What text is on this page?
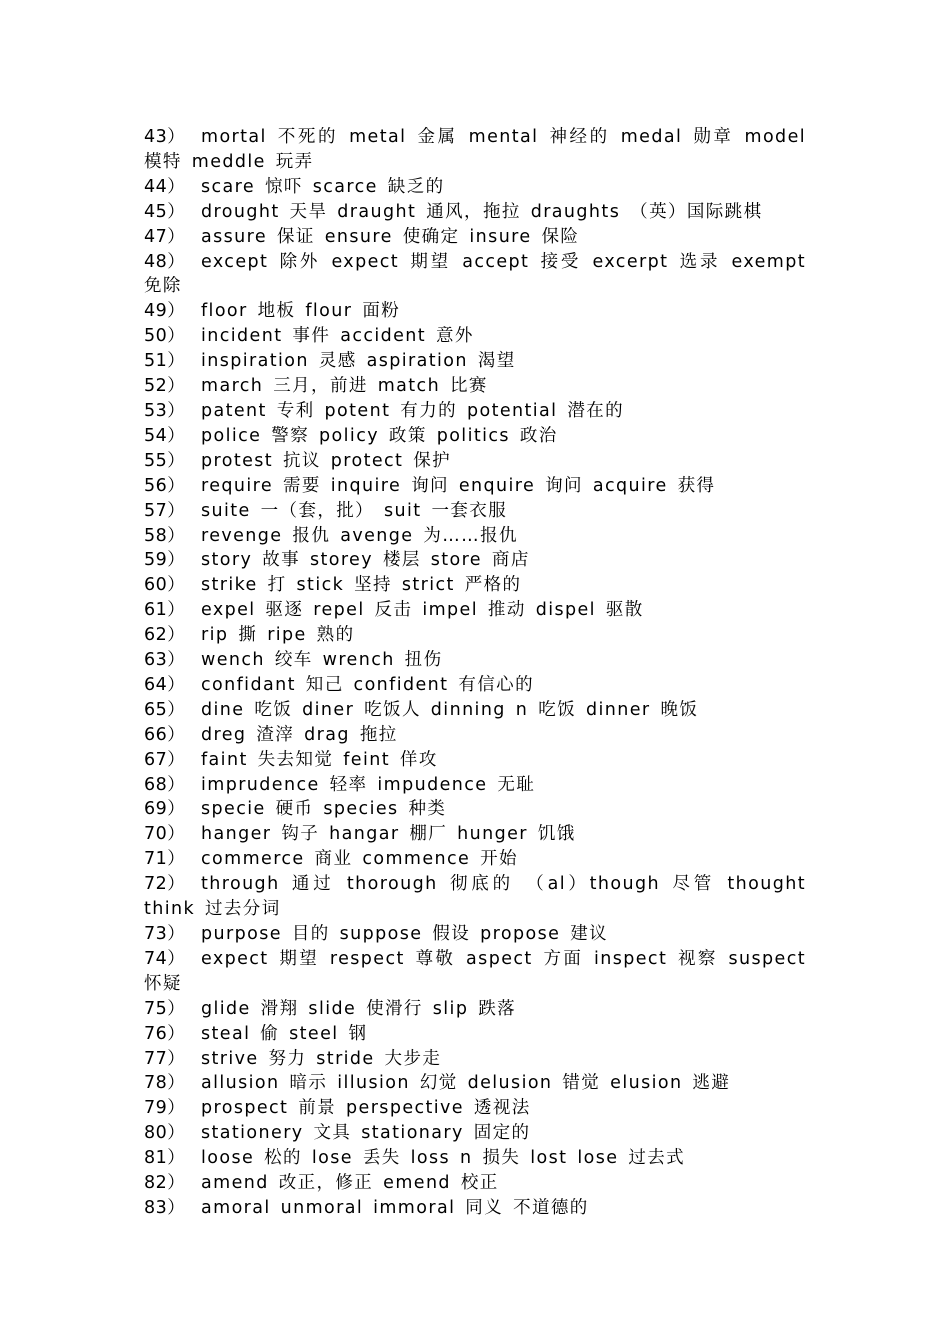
43） mortal 不死的 metal 金属 mental 神经的 medal 勋章 model 模特 meddle 玩弄
44） scare 惊吓 scarce 缺乏的
45） drought 天旱 draught 通风，拖拉 draughts （英）国际跳棋
47） assure 保证 ensure 使确定 insure 保险
48） except 除外 expect 期望 accept 接受 excerpt 选录 exempt 免除
49） floor 地板 flour 面粉
50） incident 事件 accident 意外
51） inspiration 灵感 aspiration 渴望
52） march 三月，前进 match 比赛
53） patent 专利 potent 有力的 potential 潜在的
54） police 警察 policy 政策 politics 政治
55） protest 抗议 protect 保护
56） require 需要 inquire 询问 enquire 询问 acquire 获得
57） suite 一（套，批） suit 一套衣服
58） revenge 报仇 avenge 为……报仇
59） story 故事 storey 楼层 store 商店
60） strike 打 stick 坚持 strict 严格的
61） expel 驱逐 repel 反击 impel 推动 dispel 驱散
62） rip 撕 ripe 熟的
63） wench 绞车 wrench 扭伤
64） confidant 知己 confident 有信心的
65） dine 吃饭 diner 吃饭人 dinning n 吃饭 dinner 晚饭
66） dreg 渣滓 drag 拖拉
67） faint 失去知觉 feint 佯攻
68） imprudence 轻率 impudence 无耻
69） specie 硬币 species 种类
70） hanger 钩子 hangar 棚厂 hunger 饥饿
71） commerce 商业 commence 开始
72） through 通过 thorough 彻底的 （al）though 尽管 thought think 过去分词
73） purpose 目的 suppose 假设 propose 建议
74） expect 期望 respect 尊敬 aspect 方面 inspect 视察 suspect 怀疑
75） glide 滑翔 slide 使滑行 slip 跌落
76） steal 偷 steel 钢
77） strive 努力 stride 大步走
78） allusion 暗示 illusion 幻觉 delusion 错觉 elusion 逃避
79） prospect 前景 perspective 透视法
80） stationery 文具 stationary 固定的
81） loose 松的 lose 丢失 loss n 损失 lost lose 过去式
82） amend 改正，修正 emend 校正
83） amoral unmoral immoral 同义 不道德的
